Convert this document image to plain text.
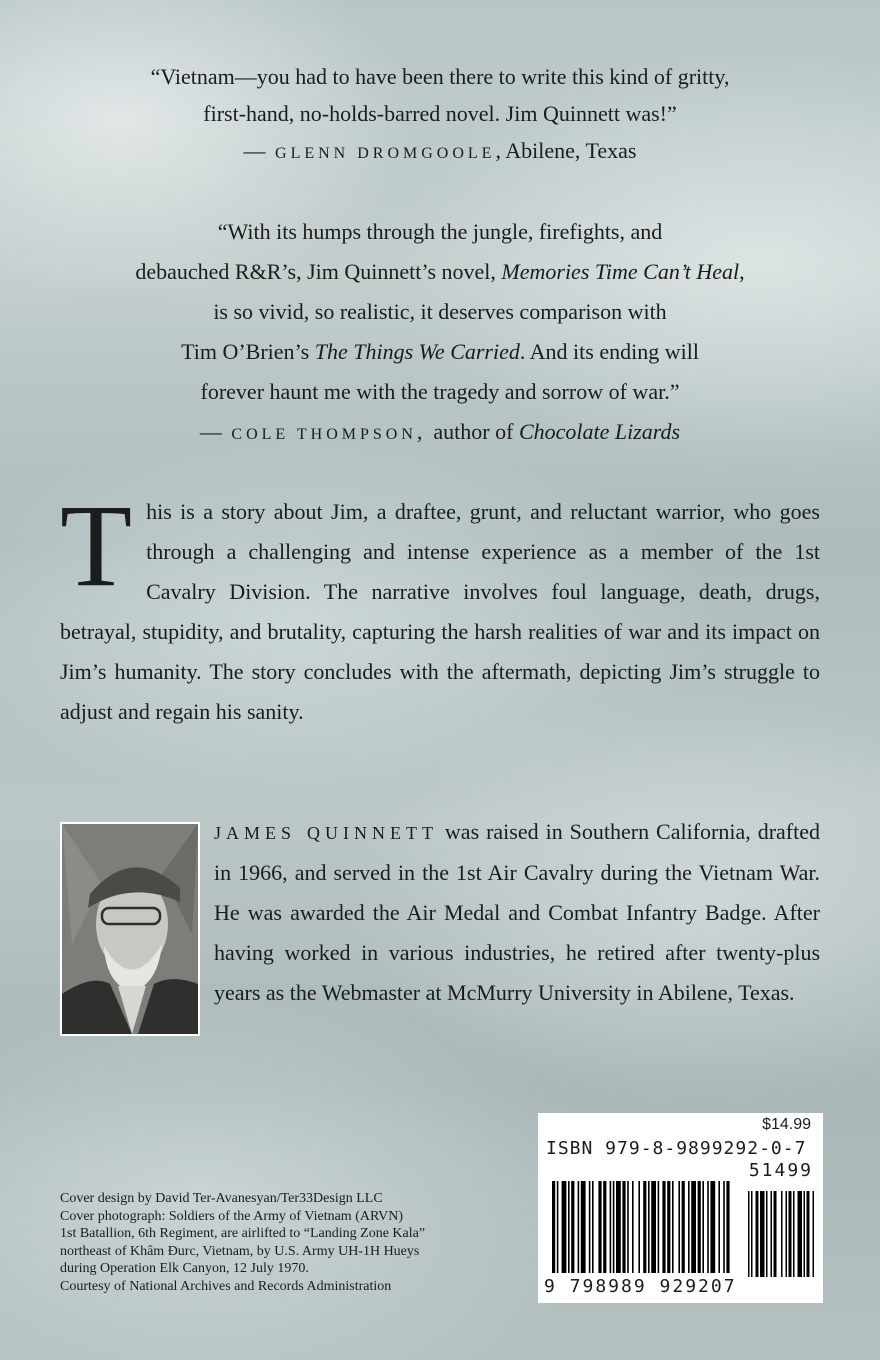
“Vietnam—you had to have been there to write this kind of gritty,
first-hand, no-holds-barred novel. Jim Quinnett was!”
— GLENN DROMGOOLE, Abilene, Texas
“With its humps through the jungle, firefights, and
debauched R&R’s, Jim Quinnett’s novel, Memories Time Can’t Heal,
is so vivid, so realistic, it deserves comparison with
Tim O’Brien’s The Things We Carried. And its ending will
forever haunt me with the tragedy and sorrow of war.”
— COLE THOMPSON,  author of Chocolate Lizards
T his is a story about Jim, a draftee, grunt, and reluctant warrior, who goes through a challenging and intense experience as a member of the 1st Cavalry Division. The narrative involves foul language, death, drugs, betrayal, stupidity, and brutality, capturing the harsh realities of war and its impact on Jim’s humanity. The story concludes with the aftermath, depicting Jim’s struggle to adjust and regain his sanity.
JAMES QUINNETT was raised in Southern California, drafted in 1966, and served in the 1st Air Cavalry during the Vietnam War. He was awarded the Air Medal and Combat Infantry Badge. After having worked in various industries, he retired after twenty-plus years as the Webmaster at McMurry University in Abilene, Texas.
Cover design by David Ter-Avanesyan/Ter33Design LLC
Cover photograph: Soldiers of the Army of Vietnam (ARVN)
1st Batallion, 6th Regiment, are airlifted to “Landing Zone Kala”
northeast of Khâm Đurc, Vietnam, by U.S. Army UH-1H Hueys
during Operation Elk Canyon, 12 July 1970.
Courtesy of National Archives and Records Administration
$14.99
ISBN 979-8-9899292-0-7
51499
9 798989 929207
